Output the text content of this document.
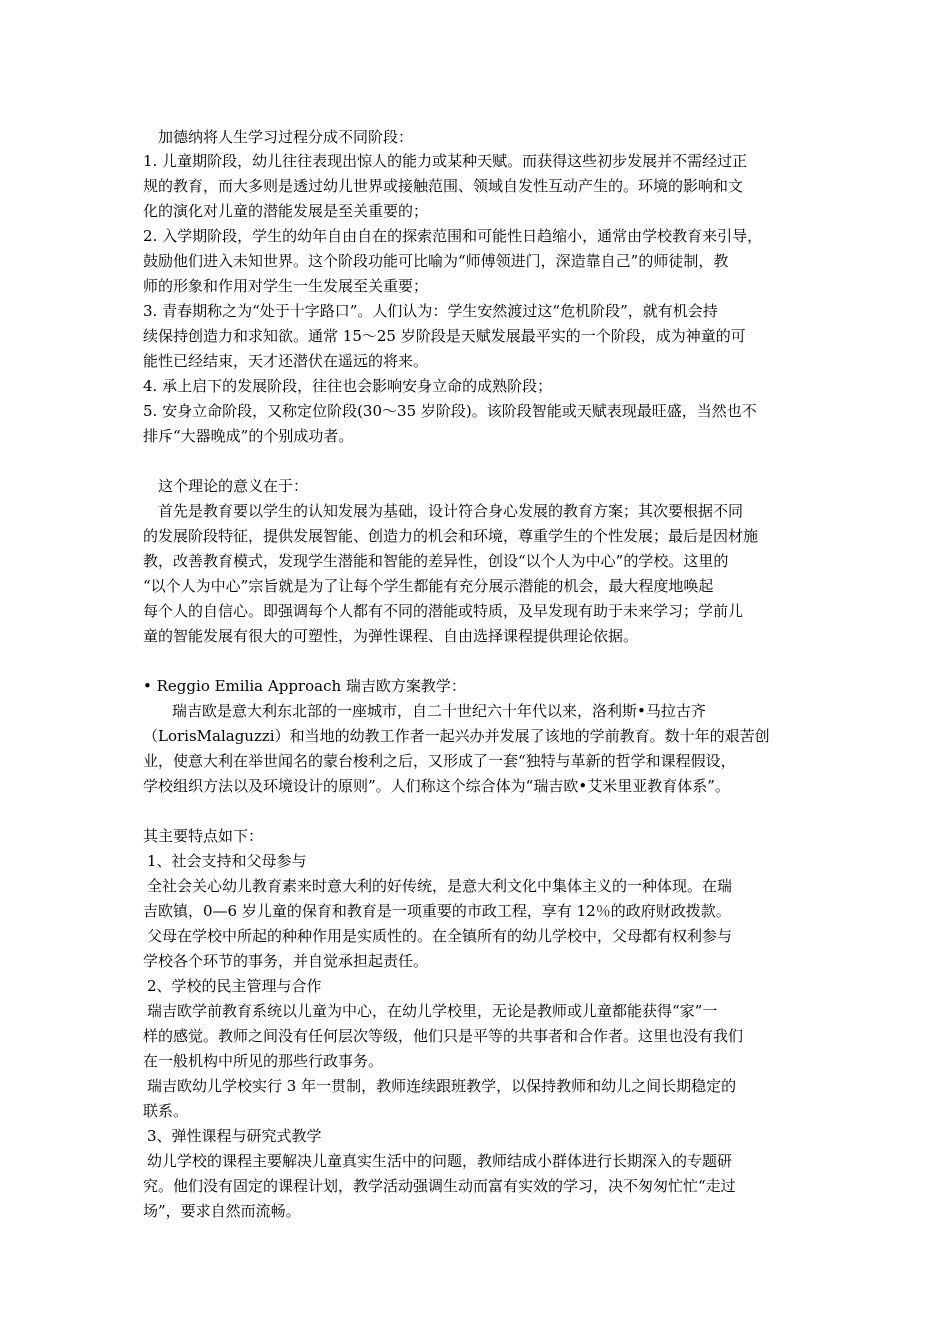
加德纳将人生学习过程分成不同阶段：
1. 儿童期阶段，幼儿往往表现出惊人的能力或某种天赋。而获得这些初步发展并不需经过正
规的教育，而大多则是透过幼儿世界或接触范围、领域自发性互动产生的。环境的影响和文
化的演化对儿童的潜能发展是至关重要的；
2. 入学期阶段，学生的幼年自由自在的探索范围和可能性日趋缩小，通常由学校教育来引导，
鼓励他们进入未知世界。这个阶段功能可比喻为“师傅领进门，深造靠自己”的师徒制，教
师的形象和作用对学生一生发展至关重要；
3. 青春期称之为“处于十字路口”。人们认为：学生安然渡过这“危机阶段”，就有机会持
续保持创造力和求知欲。通常 15～25 岁阶段是天赋发展最平实的一个阶段，成为神童的可
能性已经结束，天才还潜伏在遥远的将来。
4. 承上启下的发展阶段，往往也会影响安身立命的成熟阶段；
5. 安身立命阶段，又称定位阶段(30～35 岁阶段)。该阶段智能或天赋表现最旺盛，当然也不
排斥“大器晚成”的个别成功者。
这个理论的意义在于：
首先是教育要以学生的认知发展为基础，设计符合身心发展的教育方案；其次要根据不同
的发展阶段特征，提供发展智能、创造力的机会和环境，尊重学生的个性发展；最后是因材施
教，改善教育模式，发现学生潜能和智能的差异性，创设“以个人为中心”的学校。这里的
“以个人为中心”宗旨就是为了让每个学生都能有充分展示潜能的机会，最大程度地唤起
每个人的自信心。即强调每个人都有不同的潜能或特质，及早发现有助于未来学习；学前儿
童的智能发展有很大的可塑性，为弹性课程、自由选择课程提供理论依据。
• Reggio Emilia Approach 瑞吉欧方案教学：
瑞吉欧是意大利东北部的一座城市，自二十世纪六十年代以来，洛利斯•马拉古齐
（LorisMalaguzzi）和当地的幼教工作者一起兴办并发展了该地的学前教育。数十年的艰苦创
业，使意大利在举世闻名的蒙台梭利之后，又形成了一套“独特与革新的哲学和课程假设，
学校组织方法以及环境设计的原则”。人们称这个综合体为“瑞吉欧•艾米里亚教育体系”。
其主要特点如下：
1、社会支持和父母参与
全社会关心幼儿教育素来时意大利的好传统，是意大利文化中集体主义的一种体现。在瑞
吉欧镇，0—6 岁儿童的保育和教育是一项重要的市政工程，享有 12％的政府财政拨款。
父母在学校中所起的种种作用是实质性的。在全镇所有的幼儿学校中，父母都有权利参与
学校各个环节的事务，并自觉承担起责任。
2、学校的民主管理与合作
瑞吉欧学前教育系统以儿童为中心，在幼儿学校里，无论是教师或儿童都能获得“家”一
样的感觉。教师之间没有任何层次等级，他们只是平等的共事者和合作者。这里也没有我们
在一般机构中所见的那些行政事务。
瑞吉欧幼儿学校实行 3 年一贯制，教师连续跟班教学，以保持教师和幼儿之间长期稳定的
联系。
3、弹性课程与研究式教学
幼儿学校的课程主要解决儿童真实生活中的问题，教师结成小群体进行长期深入的专题研
究。他们没有固定的课程计划，教学活动强调生动而富有实效的学习，决不匆匆忙忙“走过
场”，要求自然而流畅。
